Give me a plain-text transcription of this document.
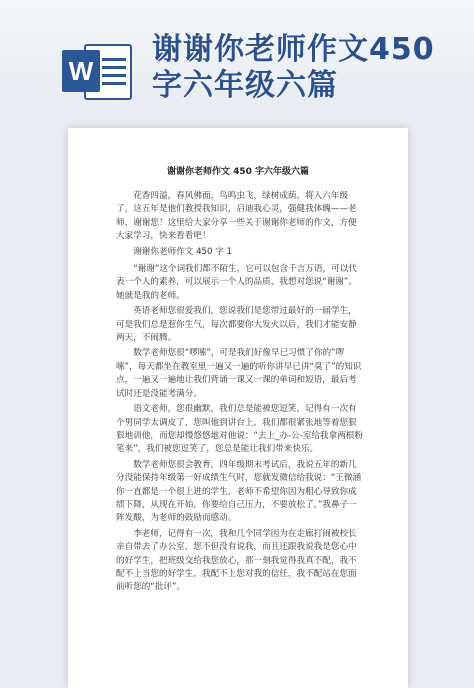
W
谢谢你老师作文450字六年级六篇
谢谢你老师作文 450 字六年级六篇

花香四溢，春风佛面，鸟鸣虫飞，绿树成荫。将入六年级了，这五年是他们教授我知识，启迪我心灵，强健我体魄——老师，谢谢您！这里给大家分享一些关于谢谢你老师的作文，方便大家学习，快来看看吧！

谢谢你老师作文 450 字 1

“谢谢”这个词我们都不陌生，它可以包含千言万语，可以代表一个人的素养，可以展示一个人的品质，我想对您说“谢谢”。她就是我的老师。

英语老师您很爱我们，您说我们是您带过最好的一届学生，可是我们总是惹你生气，每次都要你大发火以后，我们才能安静两天，不闹腾。

数学老师您很“啰嗦”，可是我们好像早已习惯了你的“啰嗦”，每天都坐在教室里一遍又一遍的听你讲早已讲“臭了”的知识点，一遍又一遍地让我们背诵一课又一课的单词和短语，最后考试时还是没能考满分。

语文老师，您很幽默，我们总是能被您逗笑，记得有一次有个男同学太调皮了，您叫他到讲台上，我们都很紧张地等着您狠狠地训他，而您却慢悠悠地对他说：“去上_办-公-室给我拿两根粉笔来”，我们被您逗笑了，您总是能让我们带来快乐。

数学老师您很会教育，四年级期末考试后，我说五年的新几分没能保持年级第一好成绩生气时，您就发微信给我说：“王微涵你一直都是一个很上进的学生，老师不希望你因为粗心导致你成绩下降，从现在开始，你要给自己压力，不要放松了。”我鼻子一阵发酸，为老师的鼓励而感动。

李老师，记得有一次，我和几个同学因为在走廊打闹被校长亲自带去了办公室，您不但没有说我，而且还跟我说我是您心中的好学生，把班级交给我您放心，那一刻我觉得我真不配，我不配不上当您的好学生，我配不上您对我的信任，我不配站在您面前听您的“批评”。
